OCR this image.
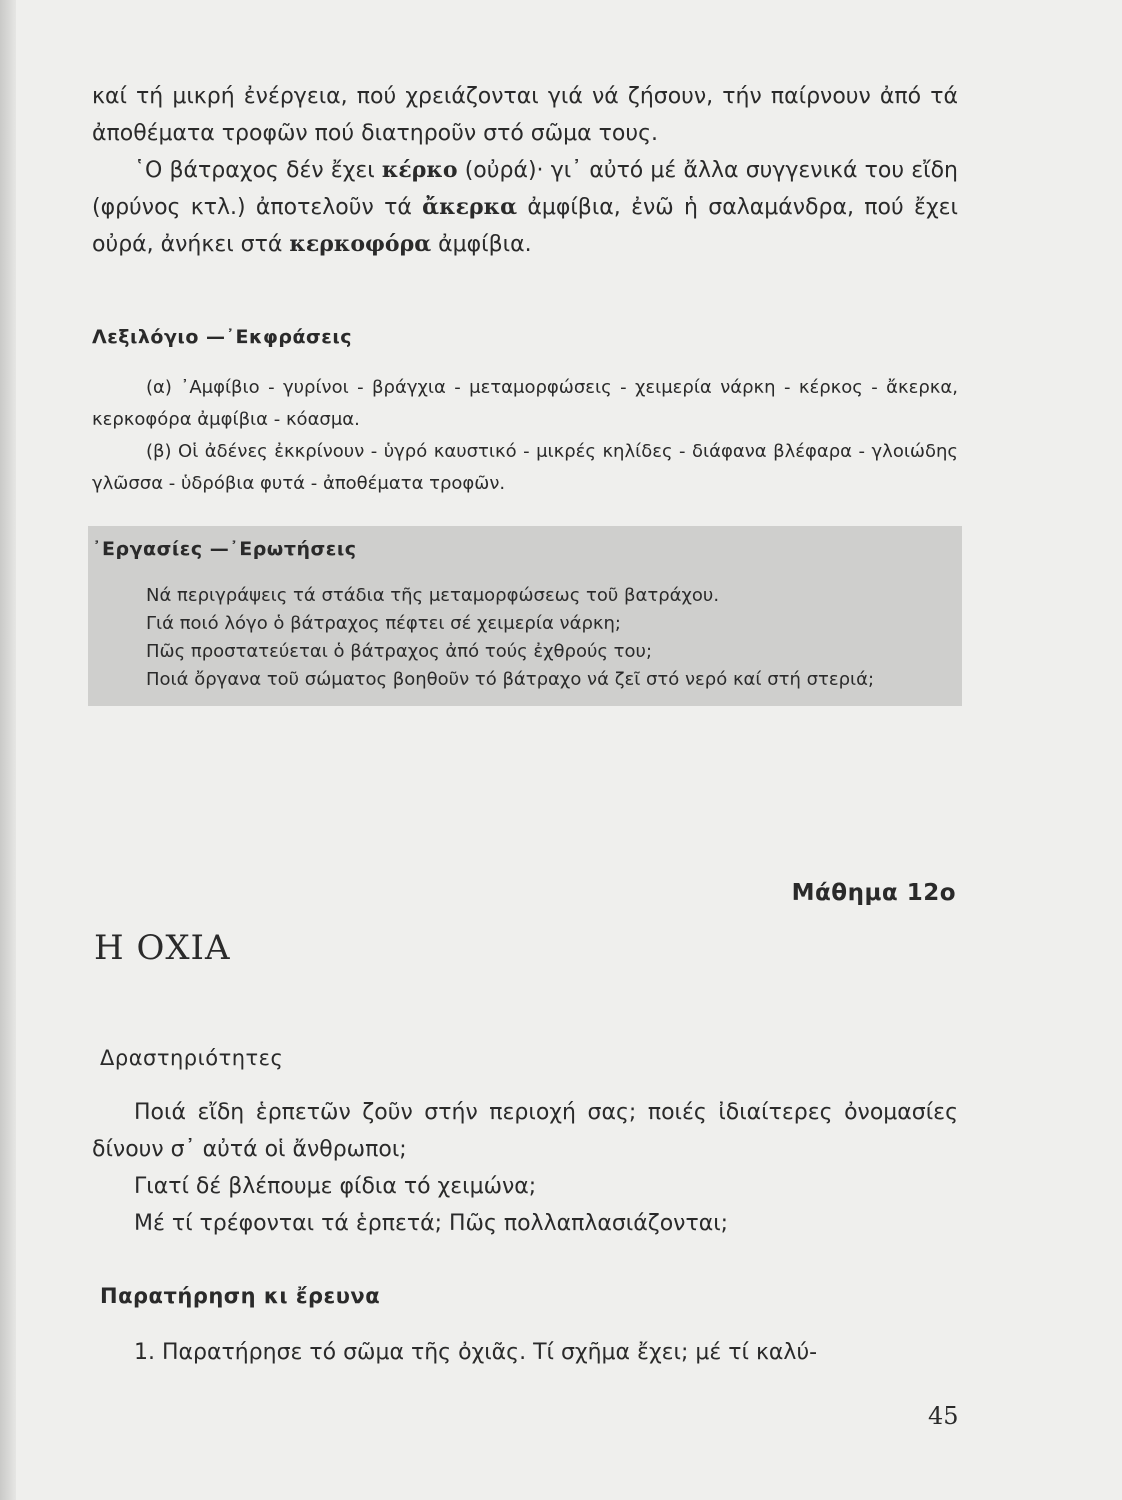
καί τή μικρή ἐνέργεια, πού χρειάζονται γιά νά ζήσουν, τήν παίρνουν ἀπό τά ἀποθέματα τροφῶν πού διατηροῦν στό σῶμα τους.

῾Ο βάτραχος δέν ἔχει κέρκο (οὐρά)· γι᾽ αὐτό μέ ἄλλα συγγενικά του εἴδη (φρύνος κτλ.) ἀποτελοῦν τά ἄκερκα ἀμφίβια, ἐνῶ ἡ σαλαμάνδρα, πού ἔχει οὐρά, ἀνήκει στά κερκοφόρα ἀμφίβια.

Λεξιλόγιο —᾽Εκφράσεις

(α) ᾽Αμφίβιο - γυρίνοι - βράγχια - μεταμορφώσεις - χειμερία νάρκη - κέρκος - ἄκερκα, κερκοφόρα ἀμφίβια - κόασμα.

(β) Οἱ ἀδένες ἐκκρίνουν - ὑγρό καυστικό - μικρές κηλίδες - διάφανα βλέφαρα - γλοιώδης γλῶσσα - ὑδρόβια φυτά - ἀποθέματα τροφῶν.

᾽Εργασίες —᾽Ερωτήσεις
Νά περιγράψεις τά στάδια τῆς μεταμορφώσεως τοῦ βατράχου.
Γιά ποιό λόγο ὁ βάτραχος πέφτει σέ χειμερία νάρκη;
Πῶς προστατεύεται ὁ βάτραχος ἀπό τούς ἐχθρούς του;
Ποιά ὄργανα τοῦ σώματος βοηθοῦν τό βάτραχο νά ζεῖ στό νερό καί στή στεριά;
Μάθημα 12ο
Η ΟΧΙΑ
Δραστηριότητες

Ποιά εἴδη ἑρπετῶν ζοῦν στήν περιοχή σας; ποιές ἰδιαίτερες ὀνομασίες δίνουν σ᾽ αὐτά οἱ ἄνθρωποι;

Γιατί δέ βλέπουμε φίδια τό χειμώνα;

Μέ τί τρέφονται τά ἑρπετά; Πῶς πολλαπλασιάζονται;

Παρατήρηση κι ἔρευνα

1. Παρατήρησε τό σῶμα τῆς ὀχιᾶς. Τί σχῆμα ἔχει; μέ τί καλύ-

45
